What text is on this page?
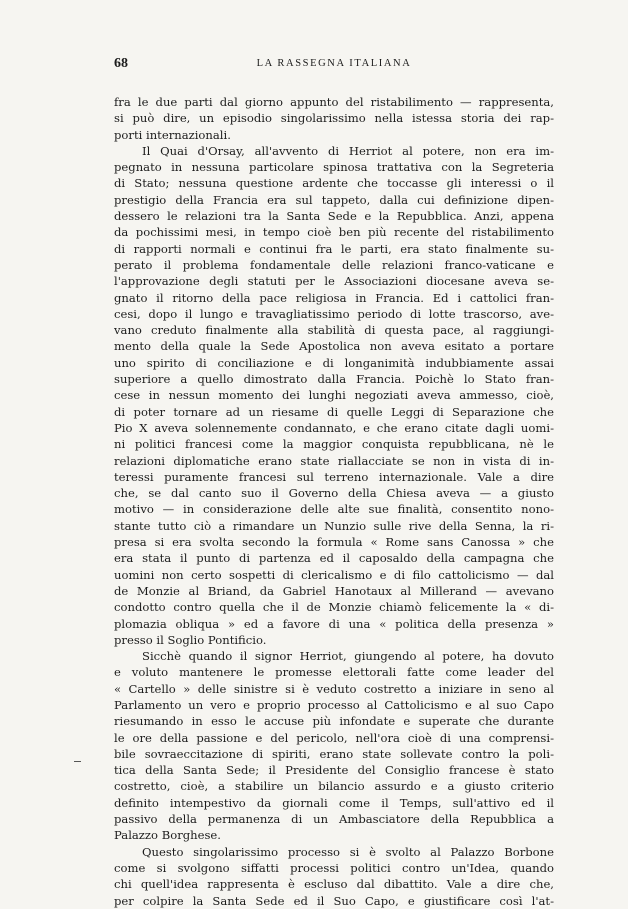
68	LA RASSEGNA ITALIANA
fra le due parti dal giorno appunto del ristabilimento — rappresenta,
si può dire, un episodio singolarissimo nella istessa storia dei rap-
porti internazionali.
Il Quai d'Orsay, all'avvento di Herriot al potere, non era im-
pegnato in nessuna particolare spinosa trattativa con la Segreteria
di Stato; nessuna questione ardente che toccasse gli interessi o il
prestigio della Francia era sul tappeto, dalla cui definizione dipen-
dessero le relazioni tra la Santa Sede e la Repubblica. Anzi, appena
da pochissimi mesi, in tempo cioè ben più recente del ristabilimento
di rapporti normali e continui fra le parti, era stato finalmente su-
perato il problema fondamentale delle relazioni franco-vaticane e
l'approvazione degli statuti per le Associazioni diocesane aveva se-
gnato il ritorno della pace religiosa in Francia. Ed i cattolici fran-
cesi, dopo il lungo e travagliatissimo periodo di lotte trascorso, ave-
vano creduto finalmente alla stabilità di questa pace, al raggiungi-
mento della quale la Sede Apostolica non aveva esitato a portare
uno spirito di conciliazione e di longanimità indubbiamente assai
superiore a quello dimostrato dalla Francia. Poichè lo Stato fran-
cese in nessun momento dei lunghi negoziati aveva ammesso, cioè,
di poter tornare ad un riesame di quelle Leggi di Separazione che
Pio X aveva solennemente condannato, e che erano citate dagli uomi-
ni politici francesi come la maggior conquista repubblicana, nè le
relazioni diplomatiche erano state riallacciate se non in vista di in-
teressi puramente francesi sul terreno internazionale. Vale a dire
che, se dal canto suo il Governo della Chiesa aveva — a giusto
motivo — in considerazione delle alte sue finalità, consentito nono-
stante tutto ciò a rimandare un Nunzio sulle rive della Senna, la ri-
presa si era svolta secondo la formula « Rome sans Canossa » che
era stata il punto di partenza ed il caposaldo della campagna che
uomini non certo sospetti di clericalismo e di filo cattolicismo — dal
de Monzie al Briand, da Gabriel Hanotaux al Millerand — avevano
condotto contro quella che il de Monzie chiamò felicemente la « di-
plomazia obliqua » ed a favore di una « politica della presenza »
presso il Soglio Pontificio.
Sicchè quando il signor Herriot, giungendo al potere, ha dovuto
e voluto mantenere le promesse elettorali fatte come leader del
« Cartello » delle sinistre si è veduto costretto a iniziare in seno al
Parlamento un vero e proprio processo al Cattolicismo e al suo Capo
riesumando in esso le accuse più infondate e superate che durante
le ore della passione e del pericolo, nell'ora cioè di una comprensi-
bile sovraeccitazione di spiriti, erano state sollevate contro la poli-
tica della Santa Sede; il Presidente del Consiglio francese è stato
costretto, cioè, a stabilire un bilancio assurdo e a giusto criterio
definito intempestivo da giornali come il Temps, sull'attivo ed il
passivo della permanenza di un Ambasciatore della Repubblica a
Palazzo Borghese.
Questo singolarissimo processo si è svolto al Palazzo Borbone
come si svolgono siffatti processi politici contro un'Idea, quando
chi quell'idea rappresenta è escluso dal dibattito. Vale a dire che,
per colpire la Santa Sede ed il Suo Capo, e giustificare così l'at-
